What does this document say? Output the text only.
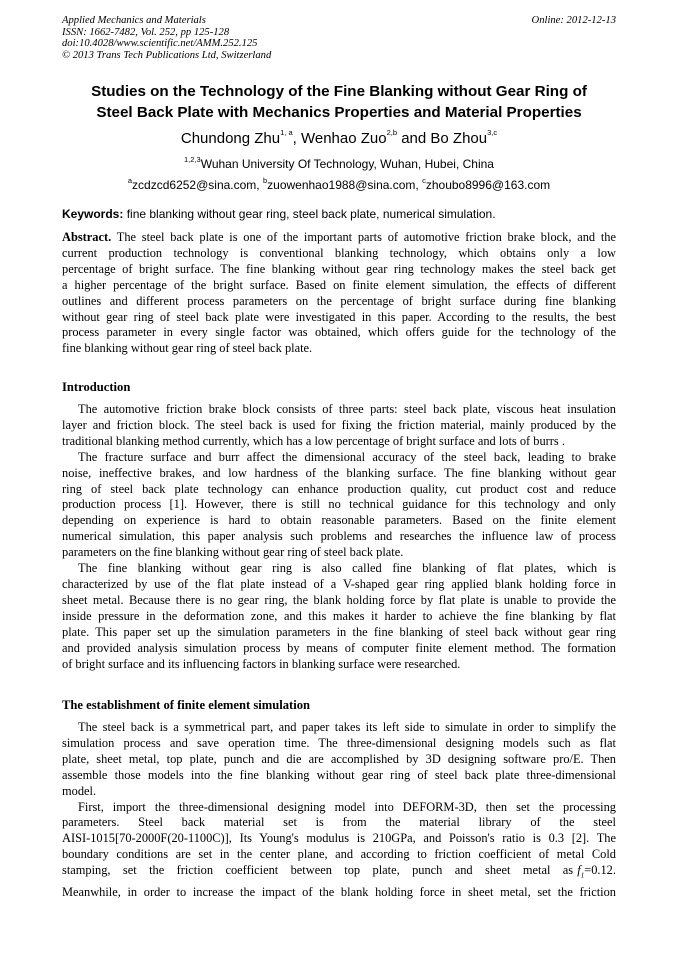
Applied Mechanics and Materials
ISSN: 1662-7482, Vol. 252, pp 125-128
doi:10.4028/www.scientific.net/AMM.252.125
© 2013 Trans Tech Publications Ltd, Switzerland
Online: 2012-12-13
Studies on the Technology of the Fine Blanking without Gear Ring of
Steel Back Plate with Mechanics Properties and Material Properties
Chundong Zhu$^{1, a}$, Wenhao Zuo$^{2,b}$ and Bo Zhou$^{3,c}$
$^{1,2,3}$Wuhan University Of Technology, Wuhan, Hubei, China
$^a$zcdzcd6252@sina.com, $^b$zuowenhao1988@sina.com, $^c$zhoubo8996@163.com
Keywords: fine blanking without gear ring, steel back plate, numerical simulation.
Abstract. The steel back plate is one of the important parts of automotive friction brake block, and the
current production technology is conventional blanking technology, which obtains only a low
percentage of bright surface. The fine blanking without gear ring technology makes the steel back get
a higher percentage of the bright surface. Based on finite element simulation, the effects of different
outlines and different process parameters on the percentage of bright surface during fine blanking
without gear ring of steel back plate were investigated in this paper. According to the results, the best
process parameter in every single factor was obtained, which offers guide for the technology of the
fine blanking without gear ring of steel back plate.
Introduction
The automotive friction brake block consists of three parts: steel back plate, viscous heat insulation
layer and friction block. The steel back is used for fixing the friction material, mainly produced by the
traditional blanking method currently, which has a low percentage of bright surface and lots of burrs .
The fracture surface and burr affect the dimensional accuracy of the steel back, leading to brake
noise, ineffective brakes, and low hardness of the blanking surface. The fine blanking without gear
ring of steel back plate technology can enhance production quality, cut product cost and reduce
production process [1]. However, there is still no technical guidance for this technology and only
depending on experience is hard to obtain reasonable parameters. Based on the finite element
numerical simulation, this paper analysis such problems and researches the influence law of process
parameters on the fine blanking without gear ring of steel back plate.
The fine blanking without gear ring is also called fine blanking of flat plates, which is
characterized by use of the flat plate instead of a V-shaped gear ring applied blank holding force in
sheet metal. Because there is no gear ring, the blank holding force by flat plate is unable to provide the
inside pressure in the deformation zone, and this makes it harder to achieve the fine blanking by flat
plate. This paper set up the simulation parameters in the fine blanking of steel back without gear ring
and provided analysis simulation process by means of computer finite element method. The formation
of bright surface and its influencing factors in blanking surface were researched.
The establishment of finite element simulation
The steel back is a symmetrical part, and paper takes its left side to simulate in order to simplify the
simulation process and save operation time. The three-dimensional designing models such as flat
plate, sheet metal, top plate, punch and die are accomplished by 3D designing software pro/E. Then
assemble those models into the fine blanking without gear ring of steel back plate three-dimensional
model.
First, import the three-dimensional designing model into DEFORM-3D, then set the processing
parameters. Steel back material set is from the material library of the steel
AISI-1015[70-2000F(20-1100C)], Its Young's modulus is 210GPa, and Poisson's ratio is 0.3 [2]. The
boundary conditions are set in the center plane, and according to friction coefficient of metal Cold
stamping,   set   the   friction   coefficient   between   top   plate,   punch   and   sheet   metal   as $f_1=0.12$.
Meanwhile, in order to increase the impact of the blank holding force in sheet metal, set the friction
